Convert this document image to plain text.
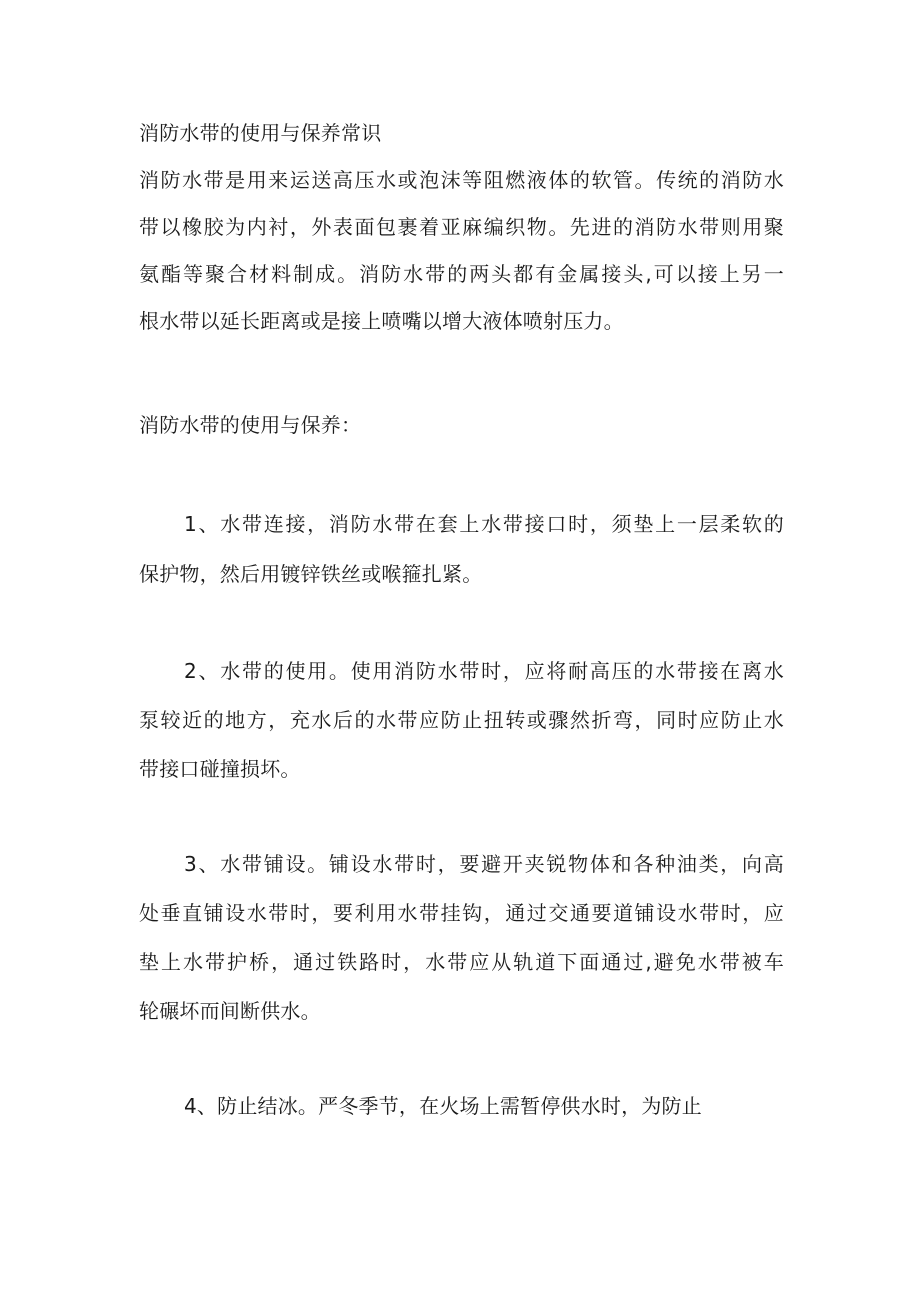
消防水带的使用与保养常识
消防水带是用来运送高压水或泡沫等阻燃液体的软管。传统的消防水
带以橡胶为内衬，外表面包裹着亚麻编织物。先进的消防水带则用聚
氨酯等聚合材料制成。消防水带的两头都有金属接头,可以接上另一
根水带以延长距离或是接上喷嘴以增大液体喷射压力。
消防水带的使用与保养：
1、水带连接，消防水带在套上水带接口时，须垫上一层柔软的
保护物，然后用镀锌铁丝或喉箍扎紧。
2、水带的使用。使用消防水带时，应将耐高压的水带接在离水
泵较近的地方，充水后的水带应防止扭转或骤然折弯，同时应防止水
带接口碰撞损坏。
3、水带铺设。铺设水带时，要避开夹锐物体和各种油类，向高
处垂直铺设水带时，要利用水带挂钩，通过交通要道铺设水带时，应
垫上水带护桥，通过铁路时，水带应从轨道下面通过,避免水带被车
轮碾坏而间断供水。
4、防止结冰。严冬季节，在火场上需暂停供水时，为防止
